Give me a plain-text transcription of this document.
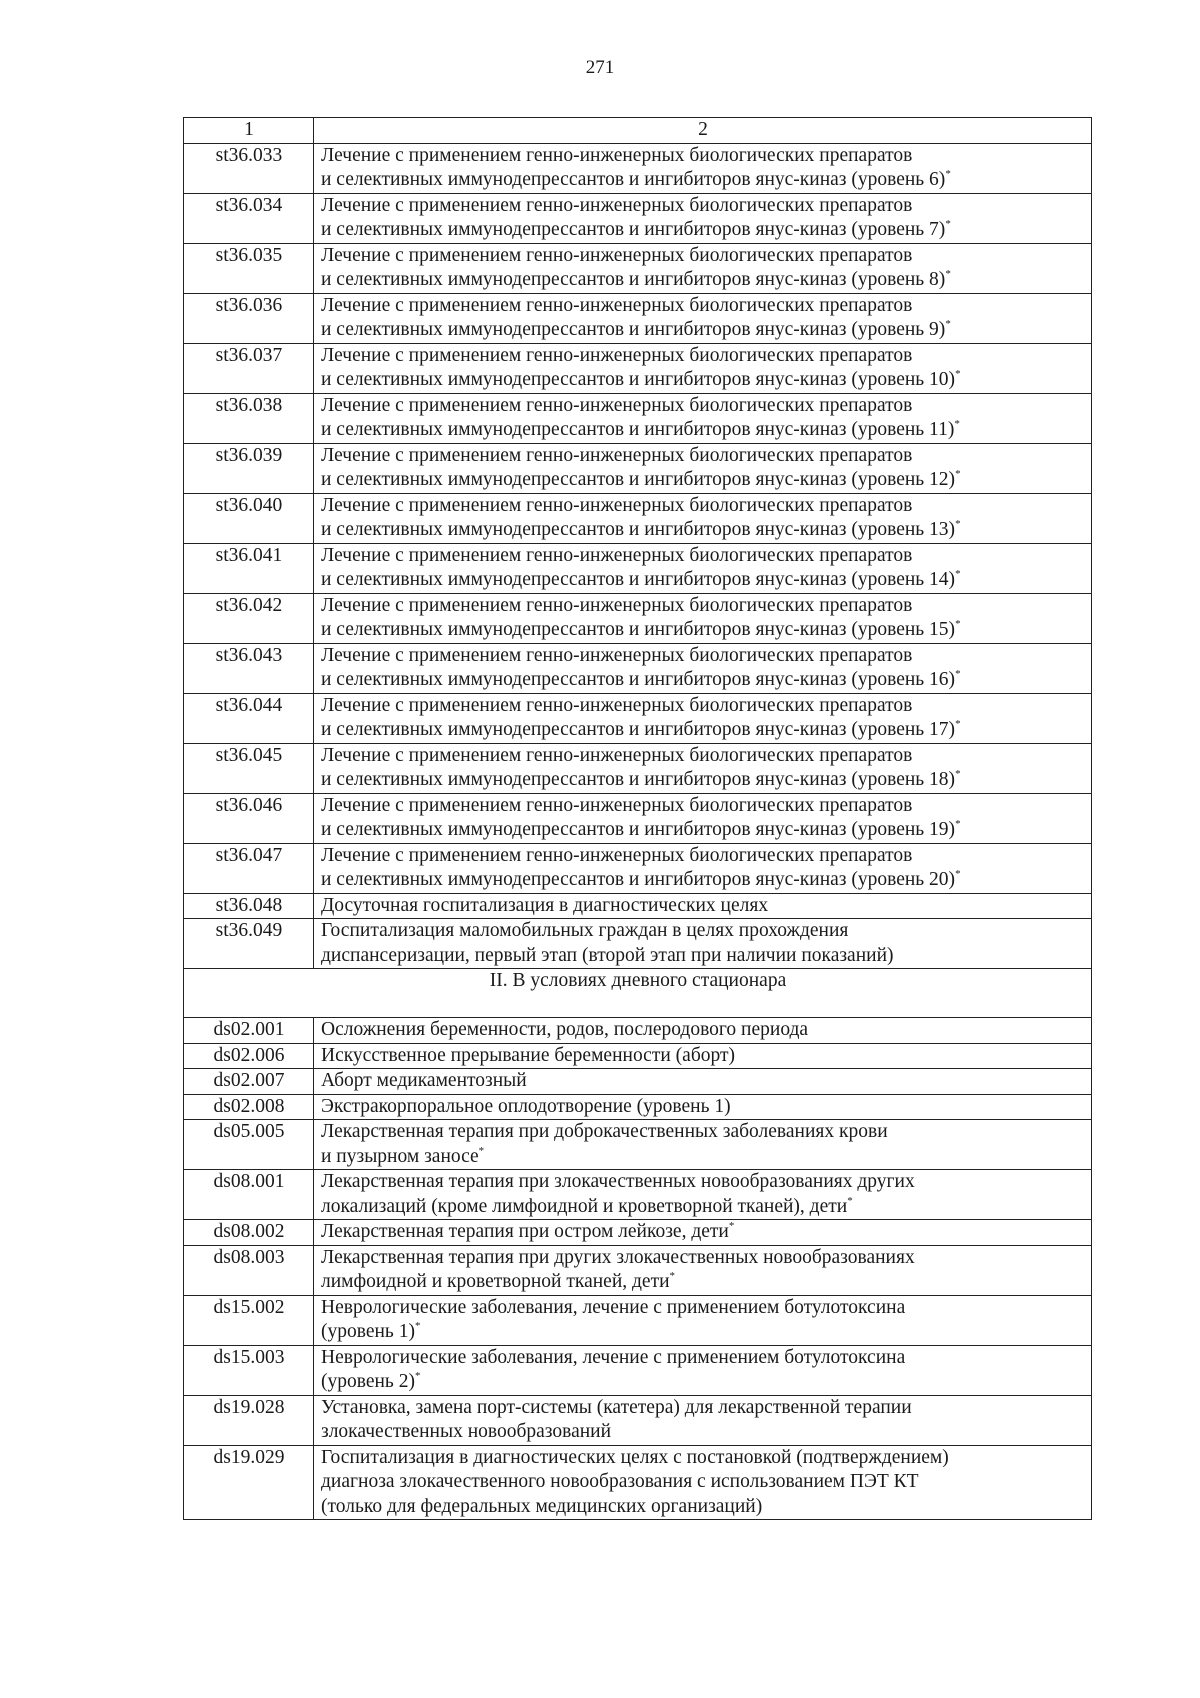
271
1	2
st36.033	Лечение с применением генно-инженерных биологических препаратов
и селективных иммунодепрессантов и ингибиторов янус-киназ (уровень 6)*
st36.034	Лечение с применением генно-инженерных биологических препаратов
и селективных иммунодепрессантов и ингибиторов янус-киназ (уровень 7)*
st36.035	Лечение с применением генно-инженерных биологических препаратов
и селективных иммунодепрессантов и ингибиторов янус-киназ (уровень 8)*
st36.036	Лечение с применением генно-инженерных биологических препаратов
и селективных иммунодепрессантов и ингибиторов янус-киназ (уровень 9)*
st36.037	Лечение с применением генно-инженерных биологических препаратов
и селективных иммунодепрессантов и ингибиторов янус-киназ (уровень 10)*
st36.038	Лечение с применением генно-инженерных биологических препаратов
и селективных иммунодепрессантов и ингибиторов янус-киназ (уровень 11)*
st36.039	Лечение с применением генно-инженерных биологических препаратов
и селективных иммунодепрессантов и ингибиторов янус-киназ (уровень 12)*
st36.040	Лечение с применением генно-инженерных биологических препаратов
и селективных иммунодепрессантов и ингибиторов янус-киназ (уровень 13)*
st36.041	Лечение с применением генно-инженерных биологических препаратов
и селективных иммунодепрессантов и ингибиторов янус-киназ (уровень 14)*
st36.042	Лечение с применением генно-инженерных биологических препаратов
и селективных иммунодепрессантов и ингибиторов янус-киназ (уровень 15)*
st36.043	Лечение с применением генно-инженерных биологических препаратов
и селективных иммунодепрессантов и ингибиторов янус-киназ (уровень 16)*
st36.044	Лечение с применением генно-инженерных биологических препаратов
и селективных иммунодепрессантов и ингибиторов янус-киназ (уровень 17)*
st36.045	Лечение с применением генно-инженерных биологических препаратов
и селективных иммунодепрессантов и ингибиторов янус-киназ (уровень 18)*
st36.046	Лечение с применением генно-инженерных биологических препаратов
и селективных иммунодепрессантов и ингибиторов янус-киназ (уровень 19)*
st36.047	Лечение с применением генно-инженерных биологических препаратов
и селективных иммунодепрессантов и ингибиторов янус-киназ (уровень 20)*
st36.048	Досуточная госпитализация в диагностических целях
st36.049	Госпитализация маломобильных граждан в целях прохождения
диспансеризации, первый этап (второй этап при наличии показаний)
II. В условиях дневного стационара	
ds02.001	Осложнения беременности, родов, послеродового периода
ds02.006	Искусственное прерывание беременности (аборт)
ds02.007	Аборт медикаментозный
ds02.008	Экстракорпоральное оплодотворение (уровень 1)
ds05.005	Лекарственная терапия при доброкачественных заболеваниях крови
и пузырном заносе*
ds08.001	Лекарственная терапия при злокачественных новообразованиях других
локализаций (кроме лимфоидной и кроветворной тканей), дети*
ds08.002	Лекарственная терапия при остром лейкозе, дети*
ds08.003	Лекарственная терапия при других злокачественных новообразованиях
лимфоидной и кроветворной тканей, дети*
ds15.002	Неврологические заболевания, лечение с применением ботулотоксина
(уровень 1)*
ds15.003	Неврологические заболевания, лечение с применением ботулотоксина
(уровень 2)*
ds19.028	Установка, замена порт-системы (катетера) для лекарственной терапии
злокачественных новообразований
ds19.029	Госпитализация в диагностических целях с постановкой (подтверждением)
диагноза злокачественного новообразования с использованием ПЭТ КТ
(только для федеральных медицинских организаций)
